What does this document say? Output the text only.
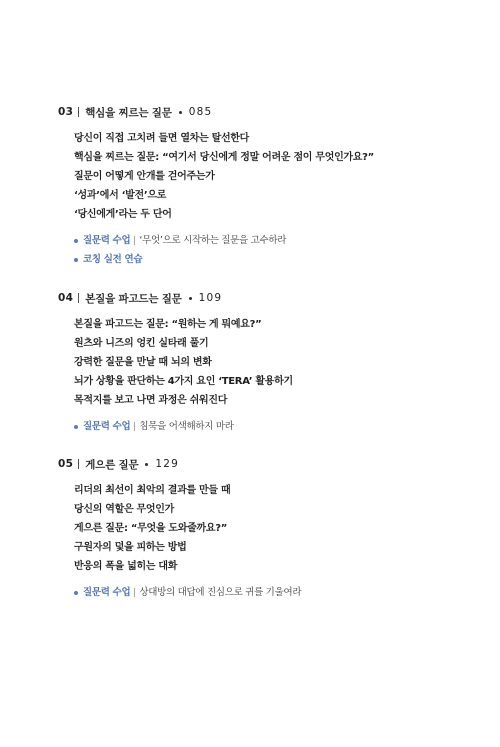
03 핵심을 찌르는 질문 085
당신이 직접 고치려 들면 열차는 탈선한다
핵심을 찌르는 질문: “여기서 당신에게 정말 어려운 점이 무엇인가요?”
질문이 어떻게 안개를 걷어주는가
‘성과’에서 ‘발전’으로
‘당신에게’라는 두 단어
질문력 수업 ‘무엇’으로 시작하는 질문을 고수하라
코칭 실전 연습
04 본질을 파고드는 질문 109
본질을 파고드는 질문: “원하는 게 뭐예요?”
원츠와 니즈의 엉킨 실타래 풀기
강력한 질문을 만날 때 뇌의 변화
뇌가 상황을 판단하는 4가지 요인 ‘TERA’ 활용하기
목적지를 보고 나면 과정은 쉬워진다
질문력 수업 침묵을 어색해하지 마라
05 게으른 질문 129
리더의 최선이 최악의 결과를 만들 때
당신의 역할은 무엇인가
게으른 질문: “무엇을 도와줄까요?”
구원자의 덫을 피하는 방법
반응의 폭을 넓히는 대화
질문력 수업 상대방의 대답에 진심으로 귀를 기울여라
